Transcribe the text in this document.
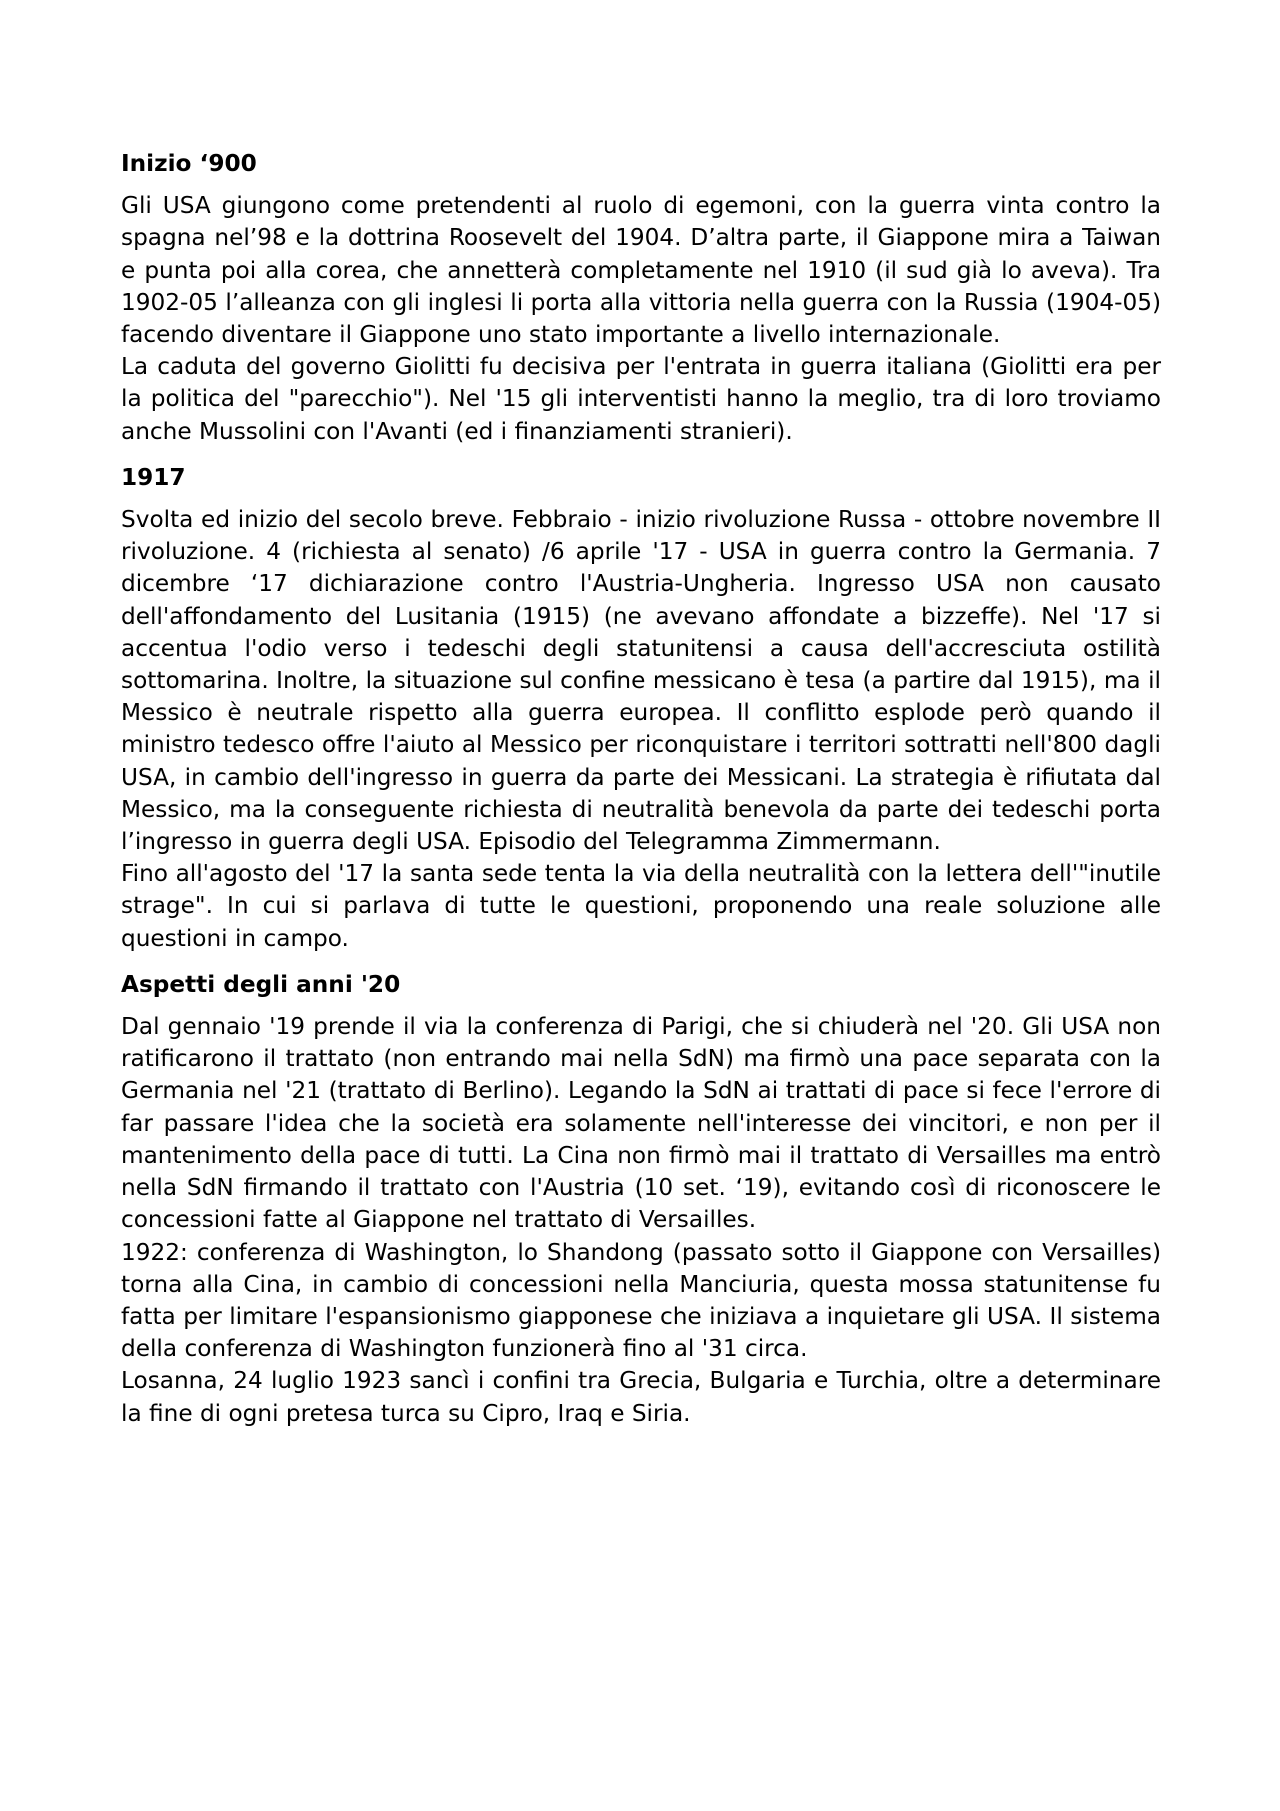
Inizio ‘900

Gli USA giungono come pretendenti al ruolo di egemoni, con la guerra vinta contro la spagna nel’98 e la dottrina Roosevelt del 1904. D’altra parte, il Giappone mira a Taiwan e punta poi alla corea, che annetterà completamente nel 1910 (il sud già lo aveva). Tra 1902-05 l’alleanza con gli inglesi li porta alla vittoria nella guerra con la Russia (1904-05) facendo diventare il Giappone uno stato importante a livello internazionale.

La caduta del governo Giolitti fu decisiva per l'entrata in guerra italiana (Giolitti era per la politica del "parecchio"). Nel '15 gli interventisti hanno la meglio, tra di loro troviamo anche Mussolini con l'Avanti (ed i finanziamenti stranieri).

1917

Svolta ed inizio del secolo breve. Febbraio - inizio rivoluzione Russa - ottobre novembre II rivoluzione. 4 (richiesta al senato) /6 aprile '17 - USA in guerra contro la Germania. 7 dicembre ‘17 dichiarazione contro l'Austria-Ungheria. Ingresso USA non causato dell'affondamento del Lusitania (1915) (ne avevano affondate a bizzeffe). Nel '17 si accentua l'odio verso i tedeschi degli statunitensi a causa dell'accresciuta ostilità sottomarina. Inoltre, la situazione sul confine messicano è tesa (a partire dal 1915), ma il Messico è neutrale rispetto alla guerra europea. Il conflitto esplode però quando il ministro tedesco offre l'aiuto al Messico per riconquistare i territori sottratti nell'800 dagli USA, in cambio dell'ingresso in guerra da parte dei Messicani. La strategia è rifiutata dal Messico, ma la conseguente richiesta di neutralità benevola da parte dei tedeschi porta l’ingresso in guerra degli USA. Episodio del Telegramma Zimmermann.

Fino all'agosto del '17 la santa sede tenta la via della neutralità con la lettera dell'"inutile strage". In cui si parlava di tutte le questioni, proponendo una reale soluzione alle questioni in campo.

Aspetti degli anni '20

Dal gennaio '19 prende il via la conferenza di Parigi, che si chiuderà nel '20. Gli USA non ratificarono il trattato (non entrando mai nella SdN) ma firmò una pace separata con la Germania nel '21 (trattato di Berlino). Legando la SdN ai trattati di pace si fece l'errore di far passare l'idea che la società era solamente nell'interesse dei vincitori, e non per il mantenimento della pace di tutti. La Cina non firmò mai il trattato di Versailles ma entrò nella SdN firmando il trattato con l'Austria (10 set. ‘19), evitando così di riconoscere le concessioni fatte al Giappone nel trattato di Versailles.

1922: conferenza di Washington, lo Shandong (passato sotto il Giappone con Versailles) torna alla Cina, in cambio di concessioni nella Manciuria, questa mossa statunitense fu fatta per limitare l'espansionismo giapponese che iniziava a inquietare gli USA. Il sistema della conferenza di Washington funzionerà fino al '31 circa.

Losanna, 24 luglio 1923 sancì i confini tra Grecia, Bulgaria e Turchia, oltre a determinare la fine di ogni pretesa turca su Cipro, Iraq e Siria.
